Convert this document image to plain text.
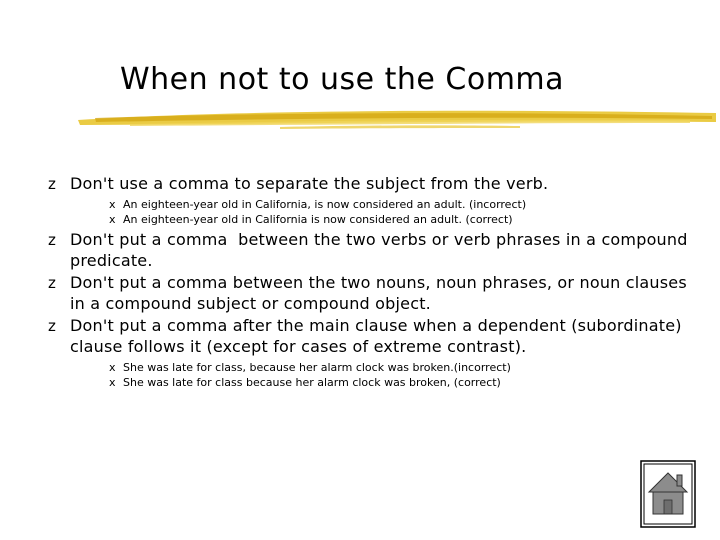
When not to use the Comma
z Don't use a comma to separate the subject from the verb.
x An eighteen-year old in California, is now considered an adult. (incorrect)
x An eighteen-year old in California is now considered an adult. (correct)
z Don't put a comma  between the two verbs or verb phrases in a compound predicate.
z Don't put a comma between the two nouns, noun phrases, or noun clauses in a compound subject or compound object.
z Don't put a comma after the main clause when a dependent (subordinate) clause follows it (except for cases of extreme contrast).
x She was late for class, because her alarm clock was broken.(incorrect)
x She was late for class because her alarm clock was broken, (correct)
